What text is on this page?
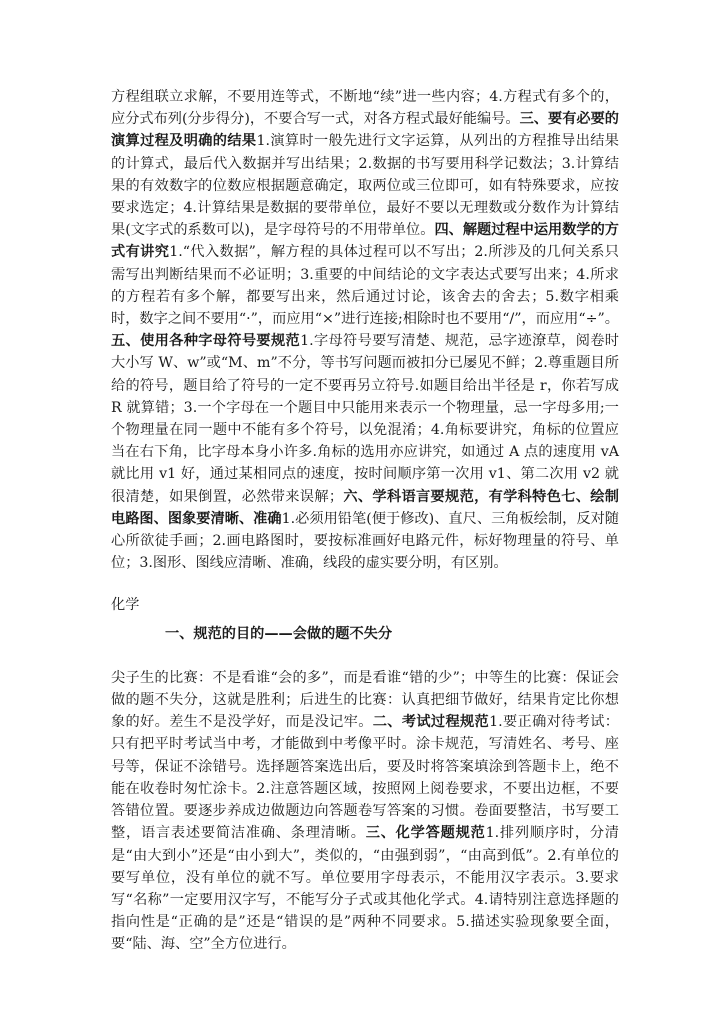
方程组联立求解，不要用连等式，不断地“续”进一些内容；4.方程式有多个的，应分式布列(分步得分)，不要合写一式，对各方程式最好能编号。三、要有必要的演算过程及明确的结果1.演算时一般先进行文字运算，从列出的方程推导出结果的计算式，最后代入数据并写出结果；2.数据的书写要用科学记数法；3.计算结果的有效数字的位数应根据题意确定，取两位或三位即可，如有特殊要求，应按要求选定；4.计算结果是数据的要带单位，最好不要以无理数或分数作为计算结果(文字式的系数可以)，是字母符号的不用带单位。四、解题过程中运用数学的方式有讲究1.“代入数据”，解方程的具体过程可以不写出；2.所涉及的几何关系只需写出判断结果而不必证明；3.重要的中间结论的文字表达式要写出来；4.所求的方程若有多个解，都要写出来，然后通过讨论，该舍去的舍去；5.数字相乘时，数字之间不要用“·”，而应用“×”进行连接;相除时也不要用“/”，而应用“÷”。五、使用各种字母符号要规范1.字母符号要写清楚、规范，忌字迹潦草，阅卷时大小写 W、w”或“M、m”不分，等书写问题而被扣分已屡见不鲜；2.尊重题目所给的符号，题目给了符号的一定不要再另立符号.如题目给出半径是 r，你若写成 R 就算错；3.一个字母在一个题目中只能用来表示一个物理量，忌一字母多用;一个物理量在同一题中不能有多个符号，以免混淆；4.角标要讲究，角标的位置应当在右下角，比字母本身小许多.角标的选用亦应讲究，如通过 A 点的速度用 vA 就比用 v1 好，通过某相同点的速度，按时间顺序第一次用 v1、第二次用 v2 就很清楚，如果倒置，必然带来误解；六、学科语言要规范，有学科特色七、绘制电路图、图象要清晰、准确1.必须用铅笔(便于修改)、直尺、三角板绘制，反对随心所欲徒手画；2.画电路图时，要按标准画好电路元件，标好物理量的符号、单位；3.图形、图线应清晰、准确，线段的虚实要分明，有区别。

化学

一、规范的目的——会做的题不失分

尖子生的比赛：不是看谁“会的多”，而是看谁“错的少”；中等生的比赛：保证会做的题不失分，这就是胜利；后进生的比赛：认真把细节做好，结果肯定比你想象的好。差生不是没学好，而是没记牢。二、考试过程规范1.要正确对待考试：只有把平时考试当中考，才能做到中考像平时。涂卡规范，写清姓名、考号、座号等，保证不涂错号。选择题答案选出后，要及时将答案填涂到答题卡上，绝不能在收卷时匆忙涂卡。2.注意答题区域，按照网上阅卷要求，不要出边框，不要答错位置。要逐步养成边做题边向答题卷写答案的习惯。卷面要整洁，书写要工整，语言表述要简洁准确、条理清晰。三、化学答题规范1.排列顺序时，分清是“由大到小”还是“由小到大”，类似的，“由强到弱”，“由高到低”。2.有单位的要写单位，没有单位的就不写。单位要用字母表示，不能用汉字表示。3.要求写“名称”一定要用汉字写，不能写分子式或其他化学式。4.请特别注意选择题的指向性是“正确的是”还是“错误的是”两种不同要求。5.描述实验现象要全面，要“陆、海、空”全方位进行。
